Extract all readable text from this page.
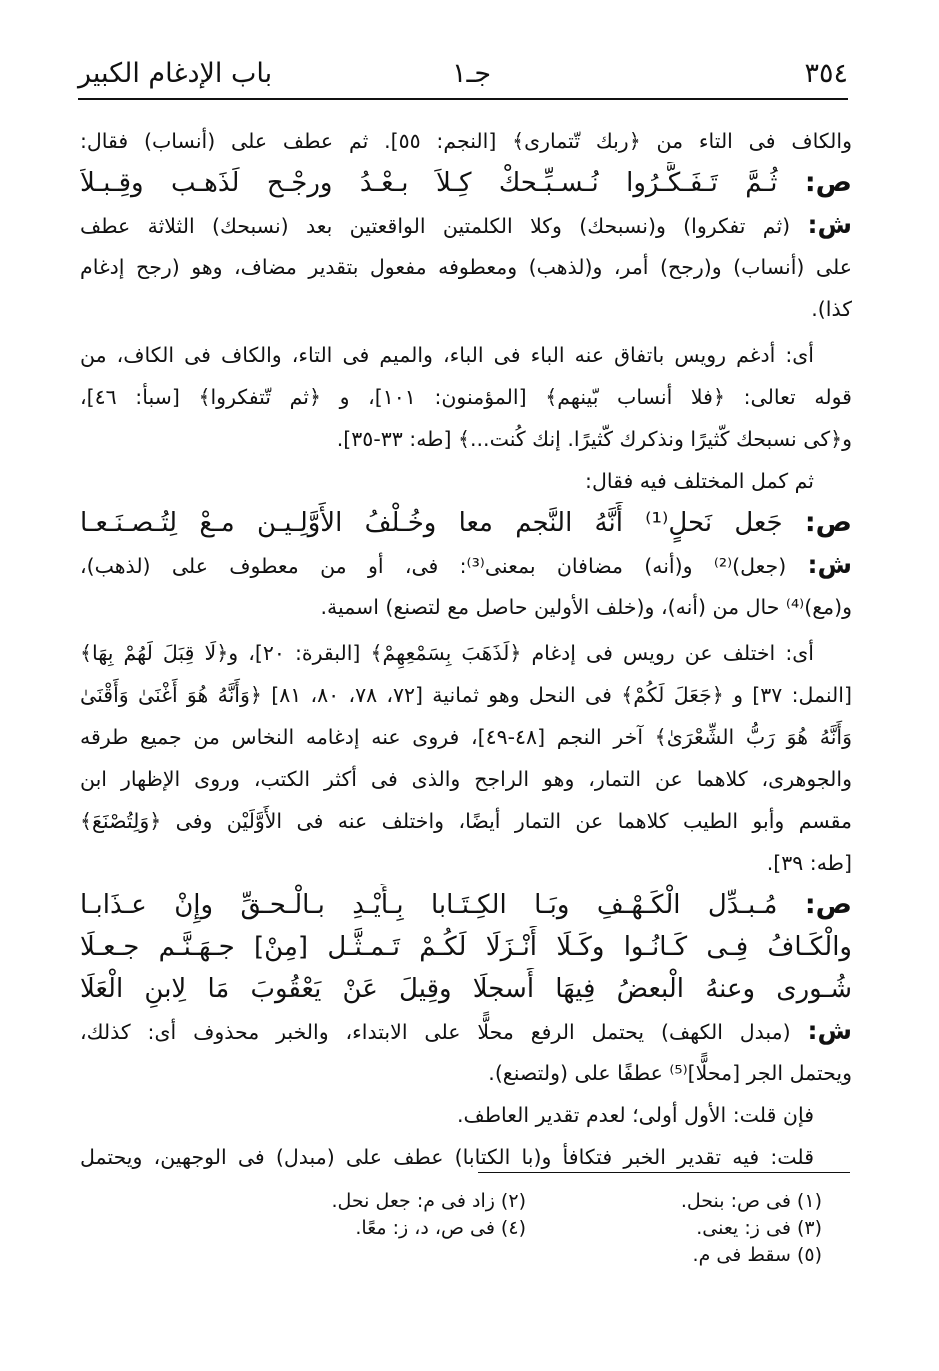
٣٥٤
جـ١
باب الإدغام الكبير
والكاف فى التاء من ﴿ربك تّتمارى﴾ [النجم: ٥٥]. ثم عطف على (أنساب) فقال:
ص: ثُـمَّ تَـفَـكَّـرُوا نُـسـبِّـحكْ كِـلاَ بـعْـدُ ورجْـح لَذَهـب وقِـبـلاَ
ش: (ثم تفكروا) و(نسبحك) وكلا الكلمتين الواقعتين بعد (نسبحك) الثلاثة عطف
على (أنساب) و(رجح) أمر، و(لذهب) ومعطوفه مفعول بتقدير مضاف، وهو (رجح إدغام
كذا).
أى: أدغم رويس باتفاق عنه الباء فى الباء، والميم فى التاء، والكاف فى الكاف، من
قوله تعالى: ﴿فلا أنساب بّينهم﴾ [المؤمنون: ١٠١]، و ﴿ثم تّتفكروا﴾ [سبأ: ٤٦]،
و﴿كى نسبحك كّثيرًا ونذكرك كّثيرًا. إنك كُنت...﴾ [طه: ٣٣-٣٥].
ثم كمل المختلف فيه فقال:
ص: جَعل نَحلٍ⁽¹⁾ أَنَّهُ النَّجم معا وخُـلْفُ الأَوَّلِـيـن مـعْ لِتُـصـنَـعـا
ش: (جعل)⁽²⁾ و(أنه) مضافان بمعنى⁽³⁾: فى، أو من معطوف على (لذهب)،
و(مع)⁽⁴⁾ حال من (أنه)، و(خلف الأولين حاصل مع لتصنع) اسمية.
أى: اختلف عن رويس فى إدغام ﴿لَذَهَبَ بِسَمْعِهِمْ﴾ [البقرة: ٢٠]، و﴿لَا قِبَلَ لَهُمْ بِهَا﴾
[النمل: ٣٧] و ﴿جَعَلَ لَكُمْ﴾ فى النحل وهو ثمانية [٧٢، ٧٨، ٨٠، ٨١] ﴿وَأَنَّهُ هُوَ أَغْنَىٰ وَأَقْنَىٰ
وَأَنَّهُ هُوَ رَبُّ الشِّعْرَىٰ﴾ آخر النجم [٤٨-٤٩]، فروى عنه إدغامه النخاس من جميع طرقه
والجوهرى، كلاهما عن التمار، وهو الراجح والذى فى أكثر الكتب، وروى الإظهار ابن
مقسم وأبو الطيب كلاهما عن التمار أيضًا، واختلف عنه فى الأَوَّلَيْن وفى ﴿وَلِتُصْنَعَ﴾
[طه: ٣٩].
ص: مُـبـدِّل الْكَـهْـفِ وبَـا الكِـتَـابا بِـأَيْـدِ بـالْـحـقِّ وإِنْ عـذَابـا
والْكَـافُ فِـى كَـانُـوا وكَـلَا أَنْـزَلَا لَكُـمْ تَـمـثَّـل [مِنْ] جـهَـنَّـم جـعـلَا
شُـورى وعنهُ الْبعضُ فِيهَا أَسجلَا وقِيلَ عَنْ يَعْقُوبَ مَا لِابنِ الْعَلَا
ش: (مبدل الكهف) يحتمل الرفع محلًّا على الابتداء، والخبر محذوف أى: كذلك،
ويحتمل الجر [محلًّا]⁽⁵⁾ عطفًا على (ولتصنع).
فإن قلت: الأول أولى؛ لعدم تقدير العاطف.
قلت: فيه تقدير الخبر فتكافأ و(با الكتابا) عطف على (مبدل) فى الوجهين، ويحتمل
(١) فى ص: بنحل.(٢) زاد فى م: جعل نحل.
(٣) فى ز: يعنى.(٤) فى ص، د، ز: معًا.
(٥) سقط فى م.
